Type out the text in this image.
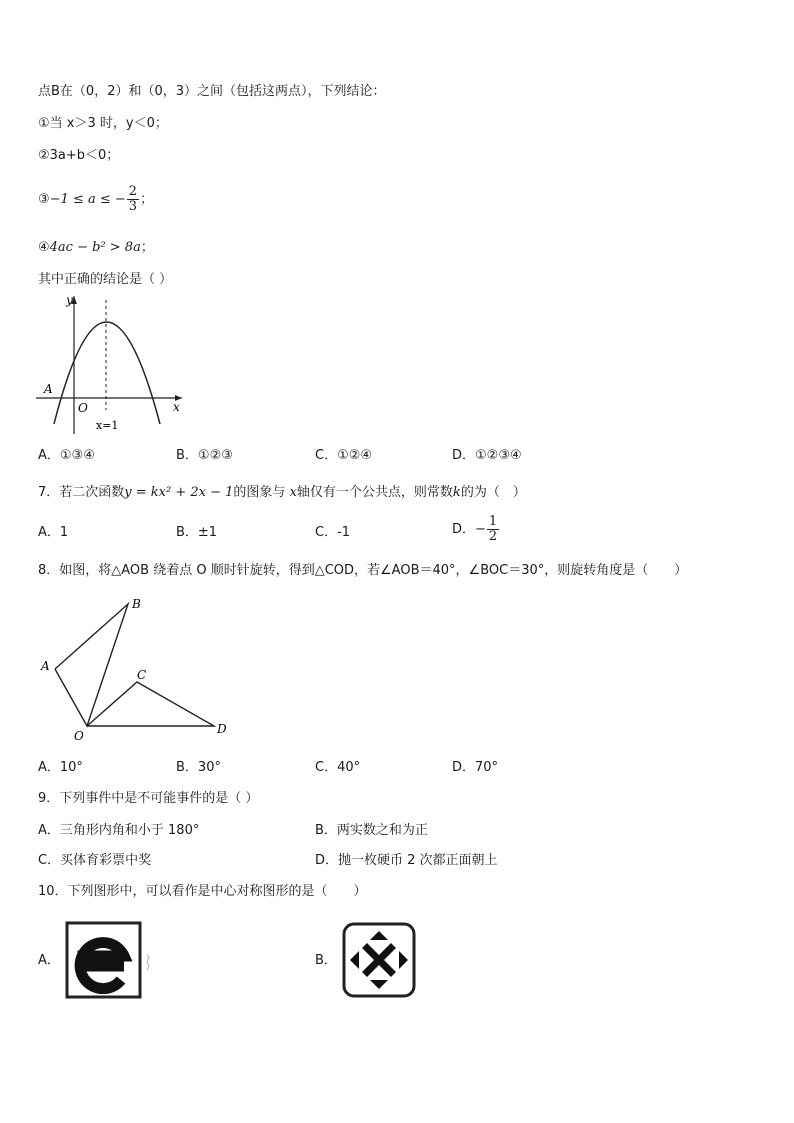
点B在（0，2）和（0，3）之间（包括这两点），下列结论：
①当 x＞3 时，y＜0；
②3a+b＜0；
③−1 ≤ a ≤ − $\frac{2}{3}$ ；
④4ac − b² > 8a；
其中正确的结论是（ ）
y
x
A
O
x=1
A．①③④	B．①②③	C．①②④	D．①②③④
7．若二次函数y = kx² + 2x − 1的图象与 x轴仅有一个公共点，则常数k的为（　）
A．1	B．±1	C．-1	D．− $\frac{1}{2}$
8．如图，将△AOB 绕着点 O 顺时针旋转，得到△COD，若∠AOB＝40°，∠BOC＝30°，则旋转角度是（　　）
B
A
C
D
O
A．10°	B．30°	C．40°	D．70°
9．下列事件中是不可能事件的是（ ）
A．三角形内角和小于 180°	B．两实数之和为正
C．买体育彩票中奖	D．抛一枚硬币 2 次都正面朝上
10．下列图形中，可以看作是中心对称图形的是（　　）
A．	B．
